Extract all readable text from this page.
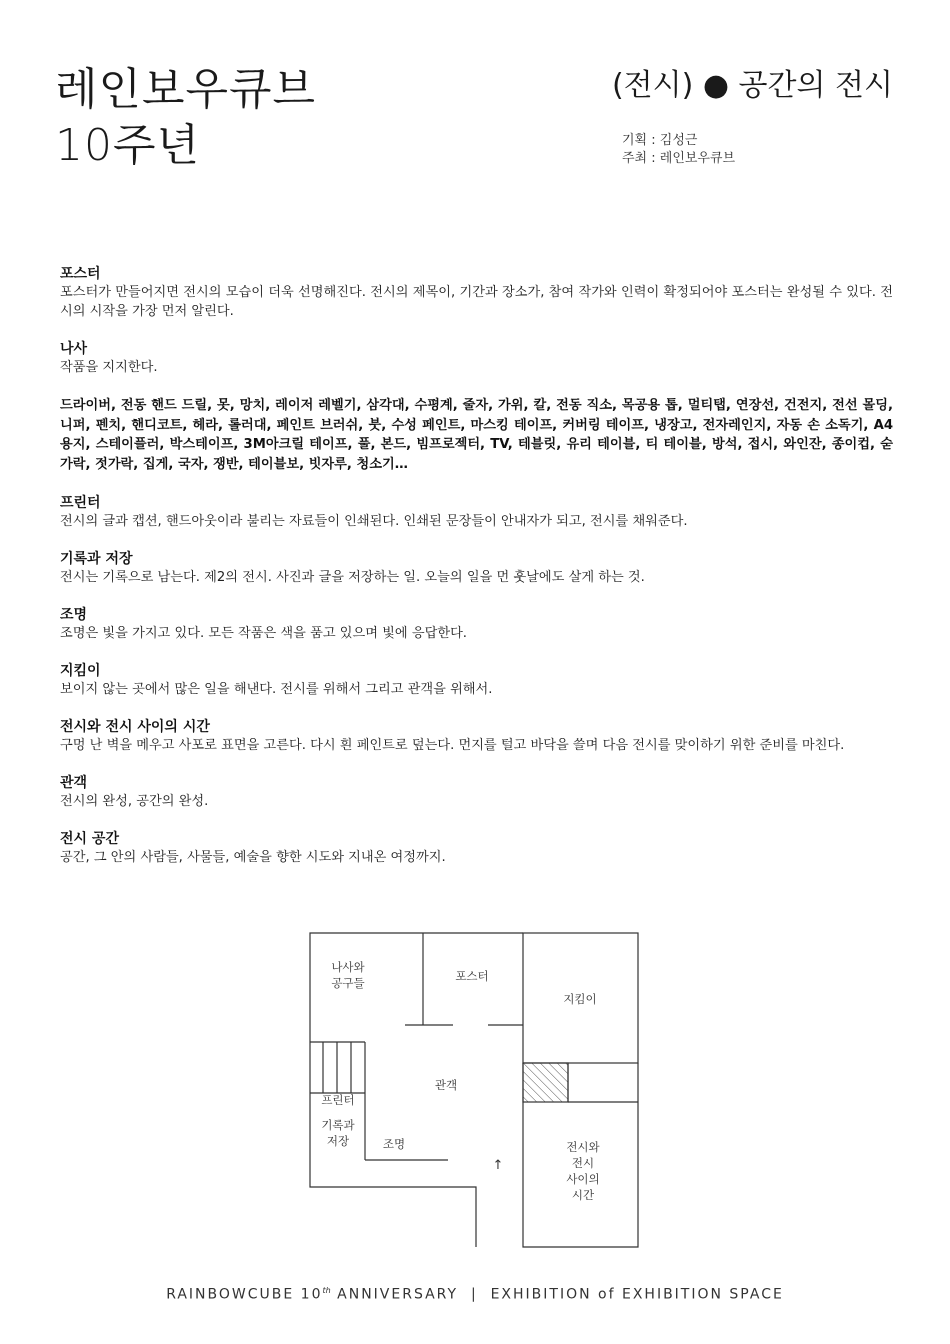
레인보우큐브
10주년
(전시) ● 공간의 전시
기획 : 김성근
주최 : 레인보우큐브
포스터
포스터가 만들어지면 전시의 모습이 더욱 선명해진다. 전시의 제목이, 기간과 장소가, 참여 작가와 인력이 확정되어야 포스터는 완성될 수 있다. 전시의 시작을 가장 먼저 알린다.
나사
작품을 지지한다.
드라이버, 전동 핸드 드릴, 못, 망치, 레이저 레벨기, 삼각대, 수평계, 줄자, 가위, 칼, 전동 직소, 목공용 톱, 멀티탭, 연장선, 건전지, 전선 몰딩, 니퍼, 펜치, 핸디코트, 헤라, 롤러대, 페인트 브러쉬, 붓, 수성 페인트, 마스킹 테이프, 커버링 테이프, 냉장고, 전자레인지, 자동 손 소독기, A4용지, 스테이플러, 박스테이프, 3M아크릴 테이프, 풀, 본드, 빔프로젝터, TV, 테블릿, 유리 테이블, 티 테이블, 방석, 접시, 와인잔, 종이컵, 숟가락, 젓가락, 집게, 국자, 쟁반, 테이블보, 빗자루, 청소기…
프린터
전시의 글과 캡션, 핸드아웃이라 불리는 자료들이 인쇄된다. 인쇄된 문장들이 안내자가 되고, 전시를 채워준다.
기록과 저장
전시는 기록으로 남는다. 제2의 전시. 사진과 글을 저장하는 일. 오늘의 일을 먼 훗날에도 살게 하는 것.
조명
조명은 빛을 가지고 있다. 모든 작품은 색을 품고 있으며 빛에 응답한다.
지킴이
보이지 않는 곳에서 많은 일을 해낸다. 전시를 위해서 그리고 관객을 위해서.
전시와 전시 사이의 시간
구멍 난 벽을 메우고 사포로 표면을 고른다. 다시 흰 페인트로 덮는다. 먼지를 털고 바닥을 쓸며 다음 전시를 맞이하기 위한 준비를 마친다.
관객
전시의 완성, 공간의 완성.
전시 공간
공간, 그 안의 사람들, 사물들, 예술을 향한 시도와 지내온 여정까지.
나사와
공구들	포스터
지킴이
관객
프린터
기록과
저장	조명	전시와
전시
사이의
시간
↑
RAINBOWCUBE 10th ANNIVERSARY  |  EXHIBITION of EXHIBITION SPACE
